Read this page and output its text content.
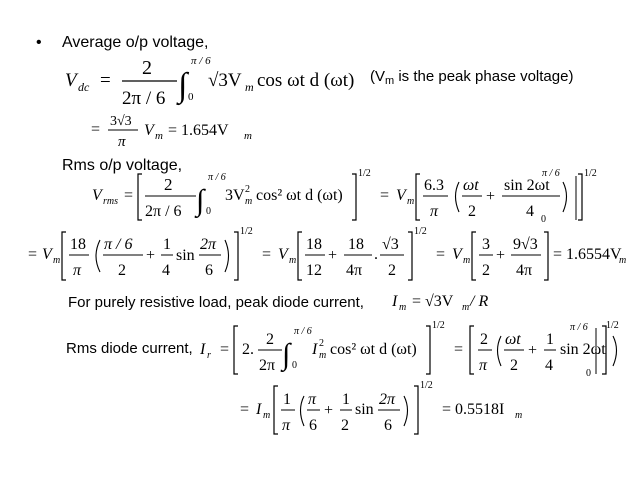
• Average o/p voltage,
V dc =
2
2π / 6 ∫
π / 6
0
√3V m cos ωt d (ωt) ($V_m$ is the peak phase voltage)
= 3√3
π
V m = 1.654V m
Rms o/p voltage,
V rms =
2
2π / 6 ∫
π / 6
0
3V m
2 cos² ωt d (ωt)
1/2
= V m
6.3
π
ωt
2
+
sin 2ωt
4
π / 6
0
1/2
= V m
18
π
π / 6
2
+
1
4
sin
2π
6
1/2
= V m
18
12
+
18
4π
.
√3
2
1/2
= V m
3
2
+
9√3
4π
= 1.6554V
m
For purely resistive load, peak diode current, I m = √3V m / R
Rms diode current, I r = 2.
2
2π ∫
π / 6
0
I m
2 cos² ωt d (ωt)
1/2
=
2
π
ωt
2
+
1
4
sin 2ωt
π / 6
0
1/2
= I m
1
π
π
6
+
1
2
sin
2π
6
1/2
= 0.5518I m
